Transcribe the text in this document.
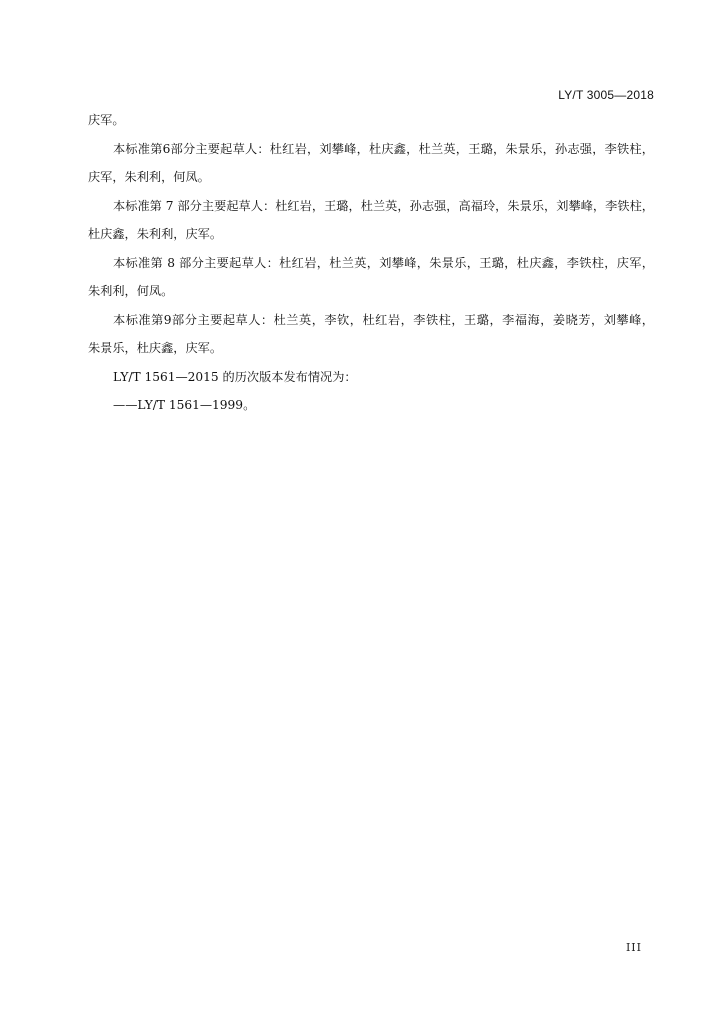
LY/T 3005—2018
庆军。
本标准第6部分主要起草人：杜红岩，刘攀峰，杜庆鑫，杜兰英，王璐，朱景乐，孙志强，李铁柱，
庆军，朱利利，何凤。
本标准第 7 部分主要起草人：杜红岩，王璐，杜兰英，孙志强，高福玲，朱景乐，刘攀峰，李铁柱，
杜庆鑫，朱利利，庆军。
本标准第 8 部分主要起草人：杜红岩，杜兰英，刘攀峰，朱景乐，王璐，杜庆鑫，李铁柱，庆军，
朱利利，何凤。
本标准第9部分主要起草人：杜兰英，李钦，杜红岩，李铁柱，王璐，李福海，姜晓芳，刘攀峰，
朱景乐，杜庆鑫，庆军。
LY/T 1561—2015 的历次版本发布情况为：
——LY/T 1561—1999。
III
